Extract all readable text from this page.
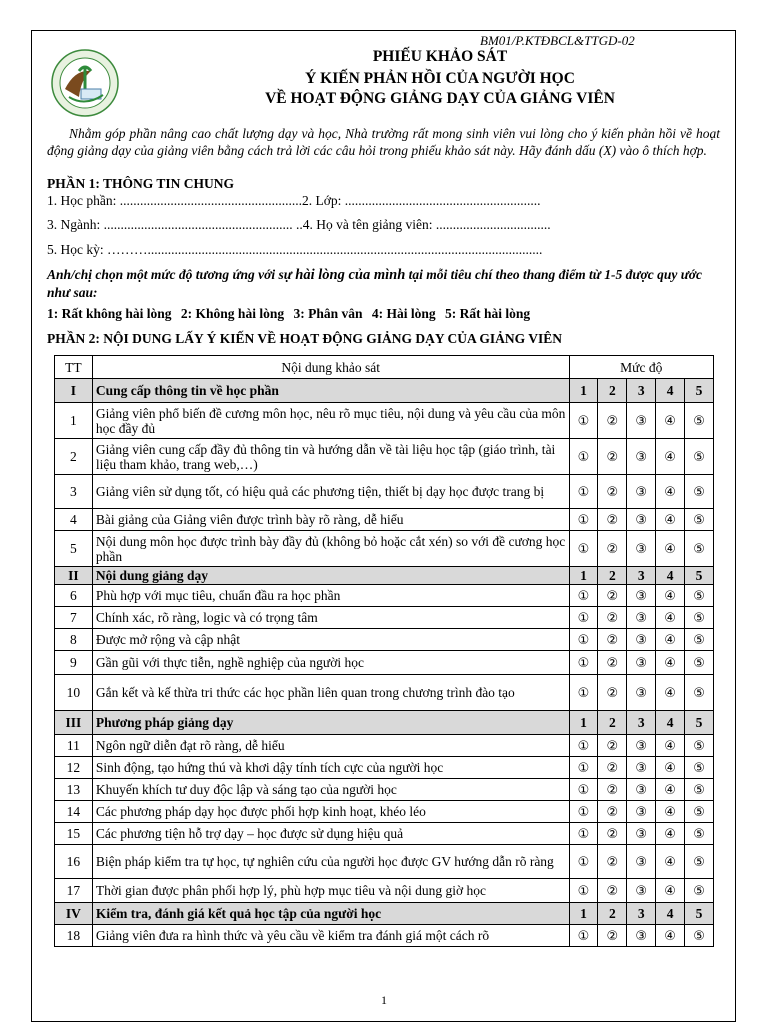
BM01/P.KTĐBCL&TTGD-02
PHIẾU KHẢO SÁT
Ý KIẾN PHẢN HỒI CỦA NGƯỜI HỌC
VỀ HOẠT ĐỘNG GIẢNG DẠY CỦA GIẢNG VIÊN
Nhằm góp phần nâng cao chất lượng dạy và học, Nhà trường rất mong sinh viên vui lòng cho ý kiến phản hồi về hoạt động giảng dạy của giảng viên bằng cách trả lời các câu hỏi trong phiếu khảo sát này. Hãy đánh dấu (X) vào ô thích hợp.
PHẦN 1: THÔNG TIN CHUNG
1. Học phần: ......................................................2. Lớp: ..........................................................
3. Ngành: ........................................................ ..4. Họ và tên giảng viên: ..................................
5. Học kỳ: ……….....................................................................................................................
Anh/chị chọn một mức độ tương ứng với sự hài lòng của mình tại mỗi tiêu chí theo thang điểm từ 1-5 được quy ước như sau:
1: Rất không hài lòng 2: Không hài lòng 3: Phân vân 4: Hài lòng 5: Rất hài lòng
PHẦN 2: NỘI DUNG LẤY Ý KIẾN VỀ HOẠT ĐỘNG GIẢNG DẠY CỦA GIẢNG VIÊN
TT	Nội dung khảo sát	Mức độ				
I	Cung cấp thông tin về học phần	1	2	3	4	5
1	Giảng viên phổ biến đề cương môn học, nêu rõ mục tiêu, nội dung và yêu cầu của môn học đầy đủ	①	②	③	④	⑤
2	Giảng viên cung cấp đầy đủ thông tin và hướng dẫn về tài liệu học tập (giáo trình, tài liệu tham khảo, trang web,…)	①	②	③	④	⑤
3	Giảng viên sử dụng tốt, có hiệu quả các phương tiện, thiết bị dạy học được trang bị	①	②	③	④	⑤
4	Bài giảng của Giảng viên được trình bày rõ ràng, dễ hiểu	①	②	③	④	⑤
5	Nội dung môn học được trình bày đầy đủ (không bỏ hoặc cắt xén) so với đề cương học phần	①	②	③	④	⑤
II	Nội dung giảng dạy	1	2	3	4	5
6	Phù hợp với mục tiêu, chuẩn đầu ra học phần	①	②	③	④	⑤
7	Chính xác, rõ ràng, logic và có trọng tâm	①	②	③	④	⑤
8	Được mở rộng và cập nhật	①	②	③	④	⑤
9	Gần gũi với thực tiễn, nghề nghiệp của người học	①	②	③	④	⑤
10	Gắn kết và kế thừa tri thức các học phần liên quan trong chương trình đào tạo	①	②	③	④	⑤
III	Phương pháp giảng dạy	1	2	3	4	5
11	Ngôn ngữ diễn đạt rõ ràng, dễ hiểu	①	②	③	④	⑤
12	Sinh động, tạo hứng thú và khơi dậy tính tích cực của người học	①	②	③	④	⑤
13	Khuyến khích tư duy độc lập và sáng tạo của người học	①	②	③	④	⑤
14	Các phương pháp dạy học được phối hợp kinh hoạt, khéo léo	①	②	③	④	⑤
15	Các phương tiện hỗ trợ dạy – học được sử dụng hiệu quả	①	②	③	④	⑤
16	Biện pháp kiểm tra tự học, tự nghiên cứu của người học được GV hướng dẫn rõ ràng	①	②	③	④	⑤
17	Thời gian được phân phối hợp lý, phù hợp mục tiêu và nội dung giờ học	①	②	③	④	⑤
IV	Kiểm tra, đánh giá kết quả học tập của người học	1	2	3	4	5
18	Giảng viên đưa ra hình thức và yêu cầu về kiểm tra đánh giá một cách rõ	①	②	③	④	⑤
1
